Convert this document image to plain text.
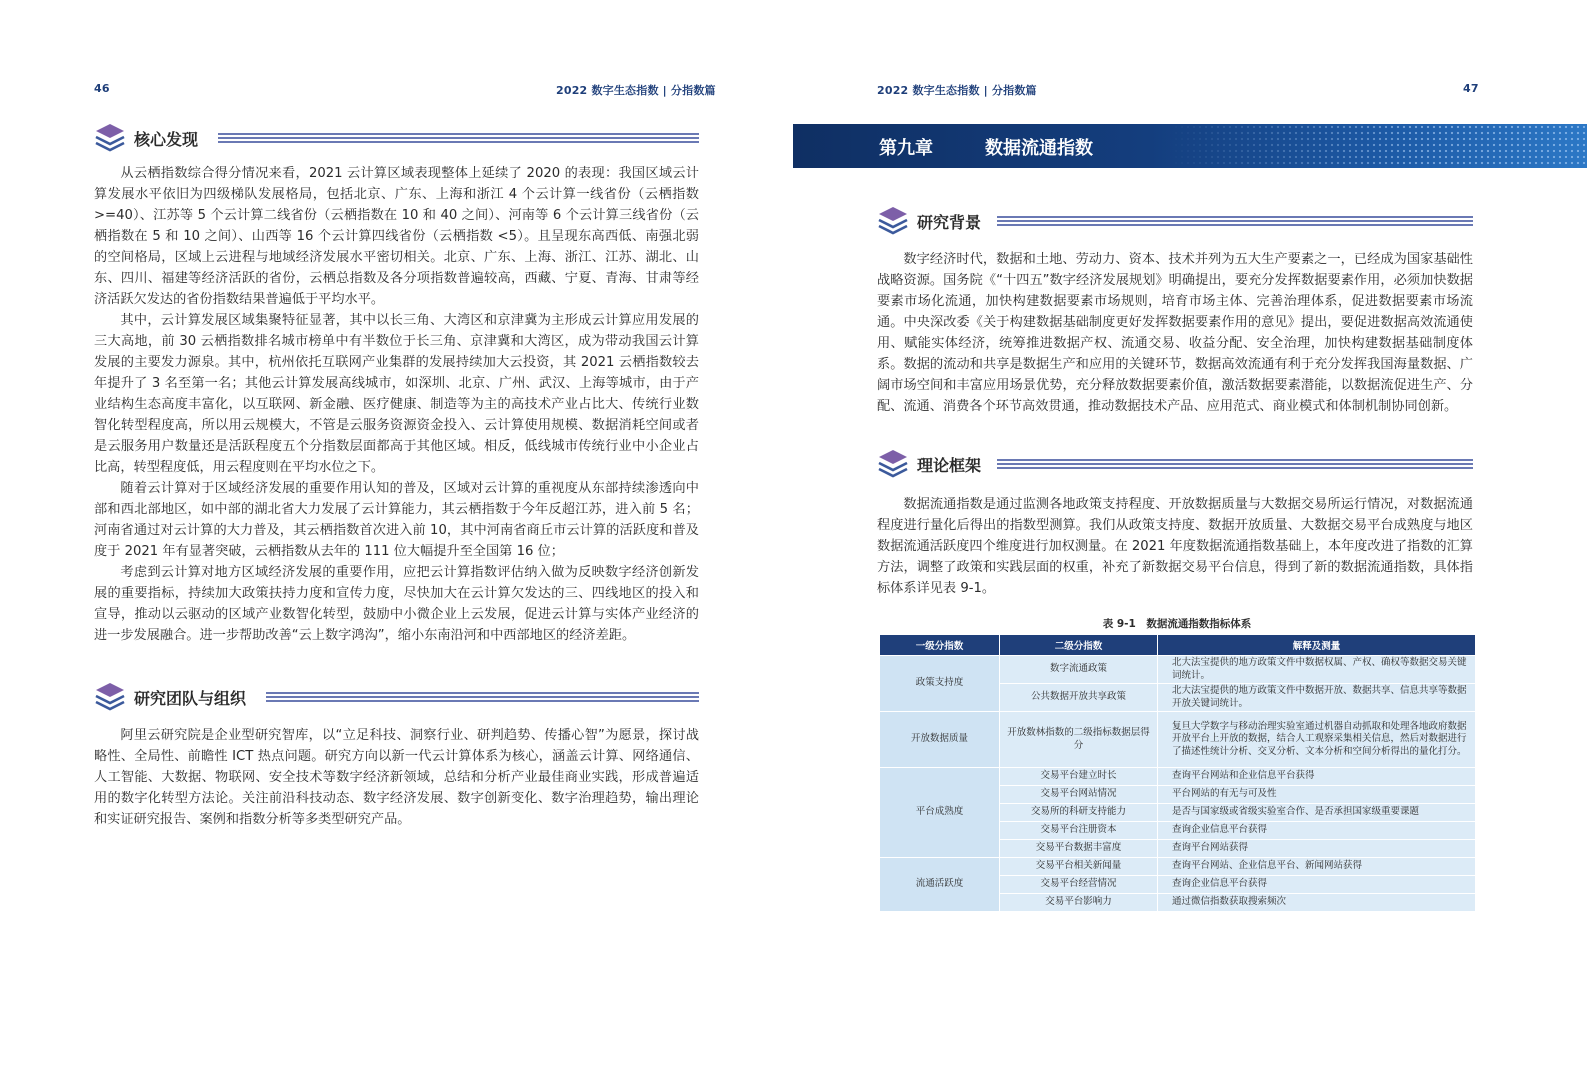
46	2022 数字生态指数 | 分指数篇
核心发现

从云栖指数综合得分情况来看，2021 云计算区域表现整体上延续了 2020 的表现：我国区域云计算发展水平依旧为四级梯队发展格局，包括北京、广东、上海和浙江 4 个云计算一线省份（云栖指数 >=40）、江苏等 5 个云计算二线省份（云栖指数在 10 和 40 之间）、河南等 6 个云计算三线省份（云栖指数在 5 和 10 之间）、山西等 16 个云计算四线省份（云栖指数 <5）。且呈现东高西低、南强北弱的空间格局，区域上云进程与地域经济发展水平密切相关。北京、广东、上海、浙江、江苏、湖北、山东、四川、福建等经济活跃的省份，云栖总指数及各分项指数普遍较高，西藏、宁夏、青海、甘肃等经济活跃欠发达的省份指数结果普遍低于平均水平。

其中，云计算发展区域集聚特征显著，其中以长三角、大湾区和京津冀为主形成云计算应用发展的三大高地，前 30 云栖指数排名城市榜单中有半数位于长三角、京津冀和大湾区，成为带动我国云计算发展的主要发力源泉。其中，杭州依托互联网产业集群的发展持续加大云投资，其 2021 云栖指数较去年提升了 3 名至第一名；其他云计算发展高线城市，如深圳、北京、广州、武汉、上海等城市，由于产业结构生态高度丰富化，以互联网、新金融、医疗健康、制造等为主的高技术产业占比大、传统行业数智化转型程度高，所以用云规模大，不管是云服务资源资金投入、云计算使用规模、数据消耗空间或者是云服务用户数量还是活跃程度五个分指数层面都高于其他区域。相反，低线城市传统行业中小企业占比高，转型程度低，用云程度则在平均水位之下。

随着云计算对于区域经济发展的重要作用认知的普及，区域对云计算的重视度从东部持续渗透向中部和西北部地区，如中部的湖北省大力发展了云计算能力，其云栖指数于今年反超江苏，进入前 5 名；河南省通过对云计算的大力普及，其云栖指数首次进入前 10，其中河南省商丘市云计算的活跃度和普及度于 2021 年有显著突破，云栖指数从去年的 111 位大幅提升至全国第 16 位；

考虑到云计算对地方区域经济发展的重要作用，应把云计算指数评估纳入做为反映数字经济创新发展的重要指标，持续加大政策扶持力度和宣传力度，尽快加大在云计算欠发达的三、四线地区的投入和宣导，推动以云驱动的区域产业数智化转型，鼓励中小微企业上云发展，促进云计算与实体产业经济的进一步发展融合。进一步帮助改善“云上数字鸿沟”，缩小东南沿河和中西部地区的经济差距。

研究团队与组织

阿里云研究院是企业型研究智库，以“立足科技、洞察行业、研判趋势、传播心智”为愿景，探讨战略性、全局性、前瞻性 ICT 热点问题。研究方向以新一代云计算体系为核心，涵盖云计算、网络通信、人工智能、大数据、物联网、安全技术等数字经济新领域，总结和分析产业最佳商业实践，形成普遍适用的数字化转型方法论。关注前沿科技动态、数字经济发展、数字创新变化、数字治理趋势，输出理论和实证研究报告、案例和指数分析等多类型研究产品。

2022 数字生态指数 | 分指数篇	47
第九章	数据流通指数
研究背景

数字经济时代，数据和土地、劳动力、资本、技术并列为五大生产要素之一，已经成为国家基础性战略资源。国务院《“十四五”数字经济发展规划》明确提出，要充分发挥数据要素作用，必须加快数据要素市场化流通，加快构建数据要素市场规则，培育市场主体、完善治理体系，促进数据要素市场流通。中央深改委《关于构建数据基础制度更好发挥数据要素作用的意见》提出，要促进数据高效流通使用、赋能实体经济，统筹推进数据产权、流通交易、收益分配、安全治理，加快构建数据基础制度体系。数据的流动和共享是数据生产和应用的关键环节，数据高效流通有利于充分发挥我国海量数据、广阔市场空间和丰富应用场景优势，充分释放数据要素价值，激活数据要素潜能，以数据流促进生产、分配、流通、消费各个环节高效贯通，推动数据技术产品、应用范式、商业模式和体制机制协同创新。

理论框架

数据流通指数是通过监测各地政策支持程度、开放数据质量与大数据交易所运行情况，对数据流通程度进行量化后得出的指数型测算。我们从政策支持度、数据开放质量、大数据交易平台成熟度与地区数据流通活跃度四个维度进行加权测量。在 2021 年度数据流通指数基础上，本年度改进了指数的汇算方法，调整了政策和实践层面的权重，补充了新数据交易平台信息，得到了新的数据流通指数，具体指标体系详见表 9-1。

表 9-1　数据流通指数指标体系
一级分指数	二级分指数	解释及测量
政策支持度	数字流通政策	北大法宝提供的地方政策文件中数据权属、产权、确权等数据交易关键词统计。
	公共数据开放共享政策	北大法宝提供的地方政策文件中数据开放、数据共享、信息共享等数据开放关键词统计。
开放数据质量	开放数林指数的二级指标数据层得分	复旦大学数字与移动治理实验室通过机器自动抓取和处理各地政府数据开放平台上开放的数据，结合人工观察采集相关信息，然后对数据进行了描述性统计分析、交叉分析、文本分析和空间分析得出的量化打分。
平台成熟度	交易平台建立时长	查询平台网站和企业信息平台获得
	交易平台网站情况	平台网站的有无与可及性
	交易所的科研支持能力	是否与国家级或省级实验室合作、是否承担国家级重要课题
	交易平台注册资本	查询企业信息平台获得
	交易平台数据丰富度	查询平台网站获得
流通活跃度	交易平台相关新闻量	查询平台网站、企业信息平台、新闻网站获得
	交易平台经营情况	查询企业信息平台获得
	交易平台影响力	通过微信指数获取搜索频次
